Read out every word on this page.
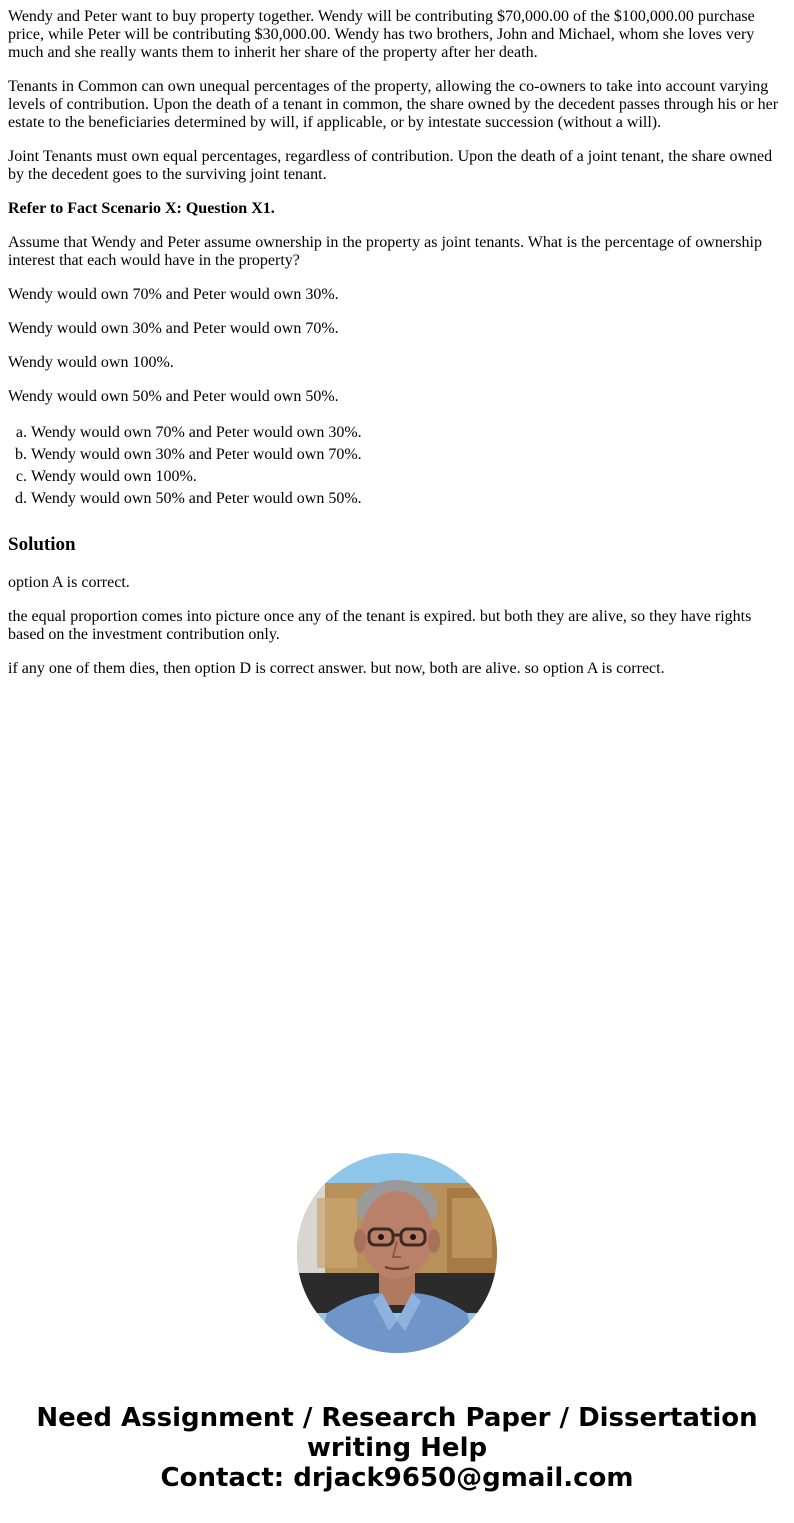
Wendy and Peter want to buy property together. Wendy will be contributing $70,000.00 of the $100,000.00 purchase price, while Peter will be contributing $30,000.00. Wendy has two brothers, John and Michael, whom she loves very much and she really wants them to inherit her share of the property after her death.

Tenants in Common can own unequal percentages of the property, allowing the co-owners to take into account varying levels of contribution. Upon the death of a tenant in common, the share owned by the decedent passes through his or her estate to the beneficiaries determined by will, if applicable, or by intestate succession (without a will).

Joint Tenants must own equal percentages, regardless of contribution. Upon the death of a joint tenant, the share owned by the decedent goes to the surviving joint tenant.

Refer to Fact Scenario X: Question X1.

Assume that Wendy and Peter assume ownership in the property as joint tenants. What is the percentage of ownership interest that each would have in the property?

Wendy would own 70% and Peter would own 30%.

Wendy would own 30% and Peter would own 70%.

Wendy would own 100%.

Wendy would own 50% and Peter would own 50%.

a. Wendy would own 70% and Peter would own 30%.
b. Wendy would own 30% and Peter would own 70%.
c. Wendy would own 100%.
d. Wendy would own 50% and Peter would own 50%.
Solution

option A is correct.

the equal proportion comes into picture once any of the tenant is expired. but both they are alive, so they have rights based on the investment contribution only.

if any one of them dies, then option D is correct answer. but now, both are alive. so option A is correct.

Need Assignment / Research Paper / Dissertation
writing Help
Contact: drjack9650@gmail.com
